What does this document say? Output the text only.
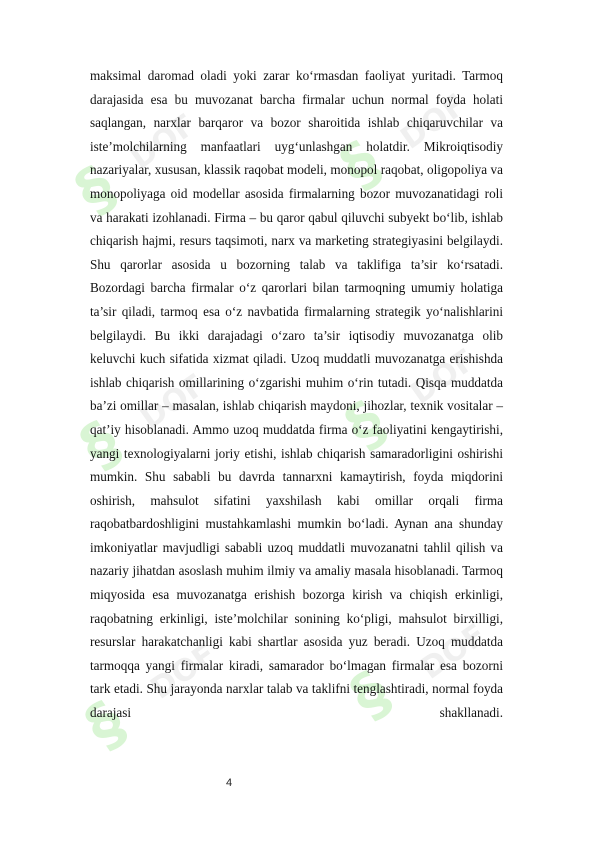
§	§
§	§
§	§
DOF	DOF
DOF	DOF
DOF	DOF

maksimal daromad oladi yoki zarar ko‘rmasdan faoliyat yuritadi. Tarmoq darajasida esa bu muvozanat barcha firmalar uchun normal foyda holati saqlangan, narxlar barqaror va bozor sharoitida ishlab chiqaruvchilar va iste’molchilarning manfaatlari uyg‘unlashgan holatdir. Mikroiqtisodiy nazariyalar, xususan, klassik raqobat modeli, monopol raqobat, oligopoliya va monopoliyaga oid modellar asosida firmalarning bozor muvozanatidagi roli va harakati izohlanadi. Firma – bu qaror qabul qiluvchi subyekt bo‘lib, ishlab chiqarish hajmi, resurs taqsimoti, narx va marketing strategiyasini belgilaydi. Shu qarorlar asosida u bozorning talab va taklifiga ta’sir ko‘rsatadi. Bozordagi barcha firmalar o‘z qarorlari bilan tarmoqning umumiy holatiga ta’sir qiladi, tarmoq esa o‘z navbatida firmalarning strategik yo‘nalishlarini belgilaydi. Bu ikki darajadagi o‘zaro ta’sir iqtisodiy muvozanatga olib keluvchi kuch sifatida xizmat qiladi. Uzoq muddatli muvozanatga erishishda ishlab chiqarish omillarining o‘zgarishi muhim o‘rin tutadi. Qisqa muddatda ba’zi omillar – masalan, ishlab chiqarish maydoni, jihozlar, texnik vositalar – qat’iy hisoblanadi. Ammo uzoq muddatda firma o‘z faoliyatini kengaytirishi, yangi texnologiyalarni joriy etishi, ishlab chiqarish samaradorligini oshirishi mumkin. Shu sababli bu davrda tannarxni kamaytirish, foyda miqdorini oshirish, mahsulot sifatini yaxshilash kabi omillar orqali firma raqobatbardoshligini mustahkamlashi mumkin bo‘ladi. Aynan ana shunday imkoniyatlar mavjudligi sababli uzoq muddatli muvozanatni tahlil qilish va nazariy jihatdan asoslash muhim ilmiy va amaliy masala hisoblanadi. Tarmoq miqyosida esa muvozanatga erishish bozorga kirish va chiqish erkinligi, raqobatning erkinligi, iste’molchilar sonining ko‘pligi, mahsulot birxilligi, resurslar harakatchanligi kabi shartlar asosida yuz beradi. Uzoq muddatda tarmoqqa yangi firmalar kiradi, samarador bo‘lmagan firmalar esa bozorni tark etadi. Shu jarayonda narxlar talab va taklifni tenglashtiradi, normal foyda darajasi shakllanadi.

4
